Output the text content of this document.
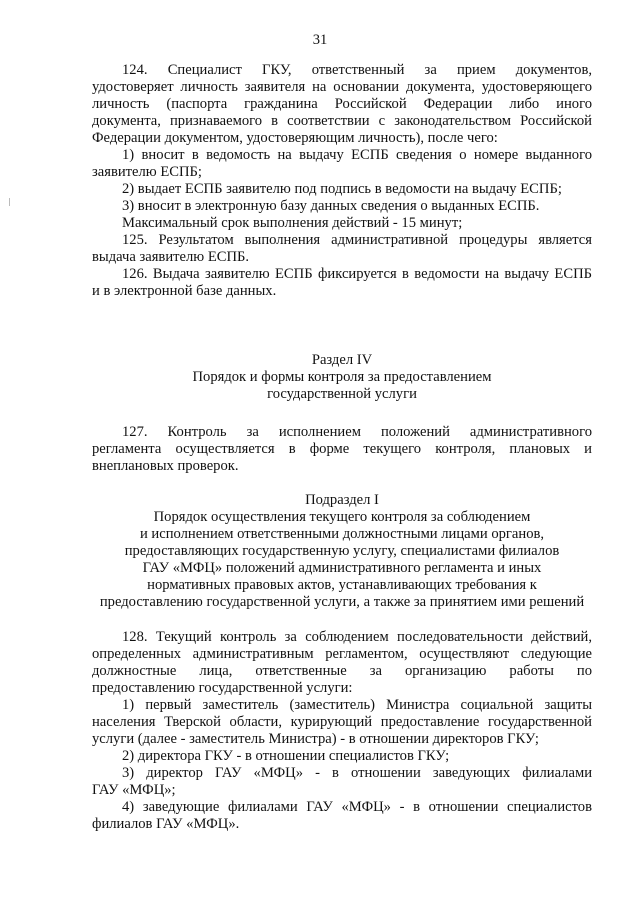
31

124. Специалист ГКУ, ответственный за прием документов,

удостоверяет личность заявителя на основании документа, удостоверяющего

личность (паспорта гражданина Российской Федерации либо иного

документа, признаваемого в соответствии с законодательством Российской

Федерации документом, удостоверяющим личность), после чего:

1) вносит в ведомость на выдачу ЕСПБ сведения о номере выданного

заявителю ЕСПБ;

2) выдает ЕСПБ заявителю под подпись в ведомости на выдачу ЕСПБ;

3) вносит в электронную базу данных сведения о выданных ЕСПБ.

Максимальный срок выполнения действий - 15 минут;

125. Результатом выполнения административной процедуры является

выдача заявителю ЕСПБ.

126. Выдача заявителю ЕСПБ фиксируется в ведомости на выдачу ЕСПБ

и в электронной базе данных.

Раздел IV

Порядок и формы контроля за предоставлением

государственной услуги

127. Контроль за исполнением положений административного

регламента осуществляется в форме текущего контроля, плановых и

внеплановых проверок.

Подраздел I

Порядок осуществления текущего контроля за соблюдением

и исполнением ответственными должностными лицами органов,

предоставляющих государственную услугу, специалистами филиалов

ГАУ «МФЦ» положений административного регламента и иных

нормативных правовых актов, устанавливающих требования к

предоставлению государственной услуги, а также за принятием ими решений

128. Текущий контроль за соблюдением последовательности действий,

определенных административным регламентом, осуществляют следующие

должностные лица, ответственные за организацию работы по

предоставлению государственной услуги:

1) первый заместитель (заместитель) Министра социальной защиты

населения Тверской области, курирующий предоставление государственной

услуги (далее - заместитель Министра) - в отношении директоров ГКУ;

2) директора ГКУ - в отношении специалистов ГКУ;

3) директор ГАУ «МФЦ» - в отношении заведующих филиалами

ГАУ «МФЦ»;

4) заведующие филиалами ГАУ «МФЦ» - в отношении специалистов

филиалов ГАУ «МФЦ».
